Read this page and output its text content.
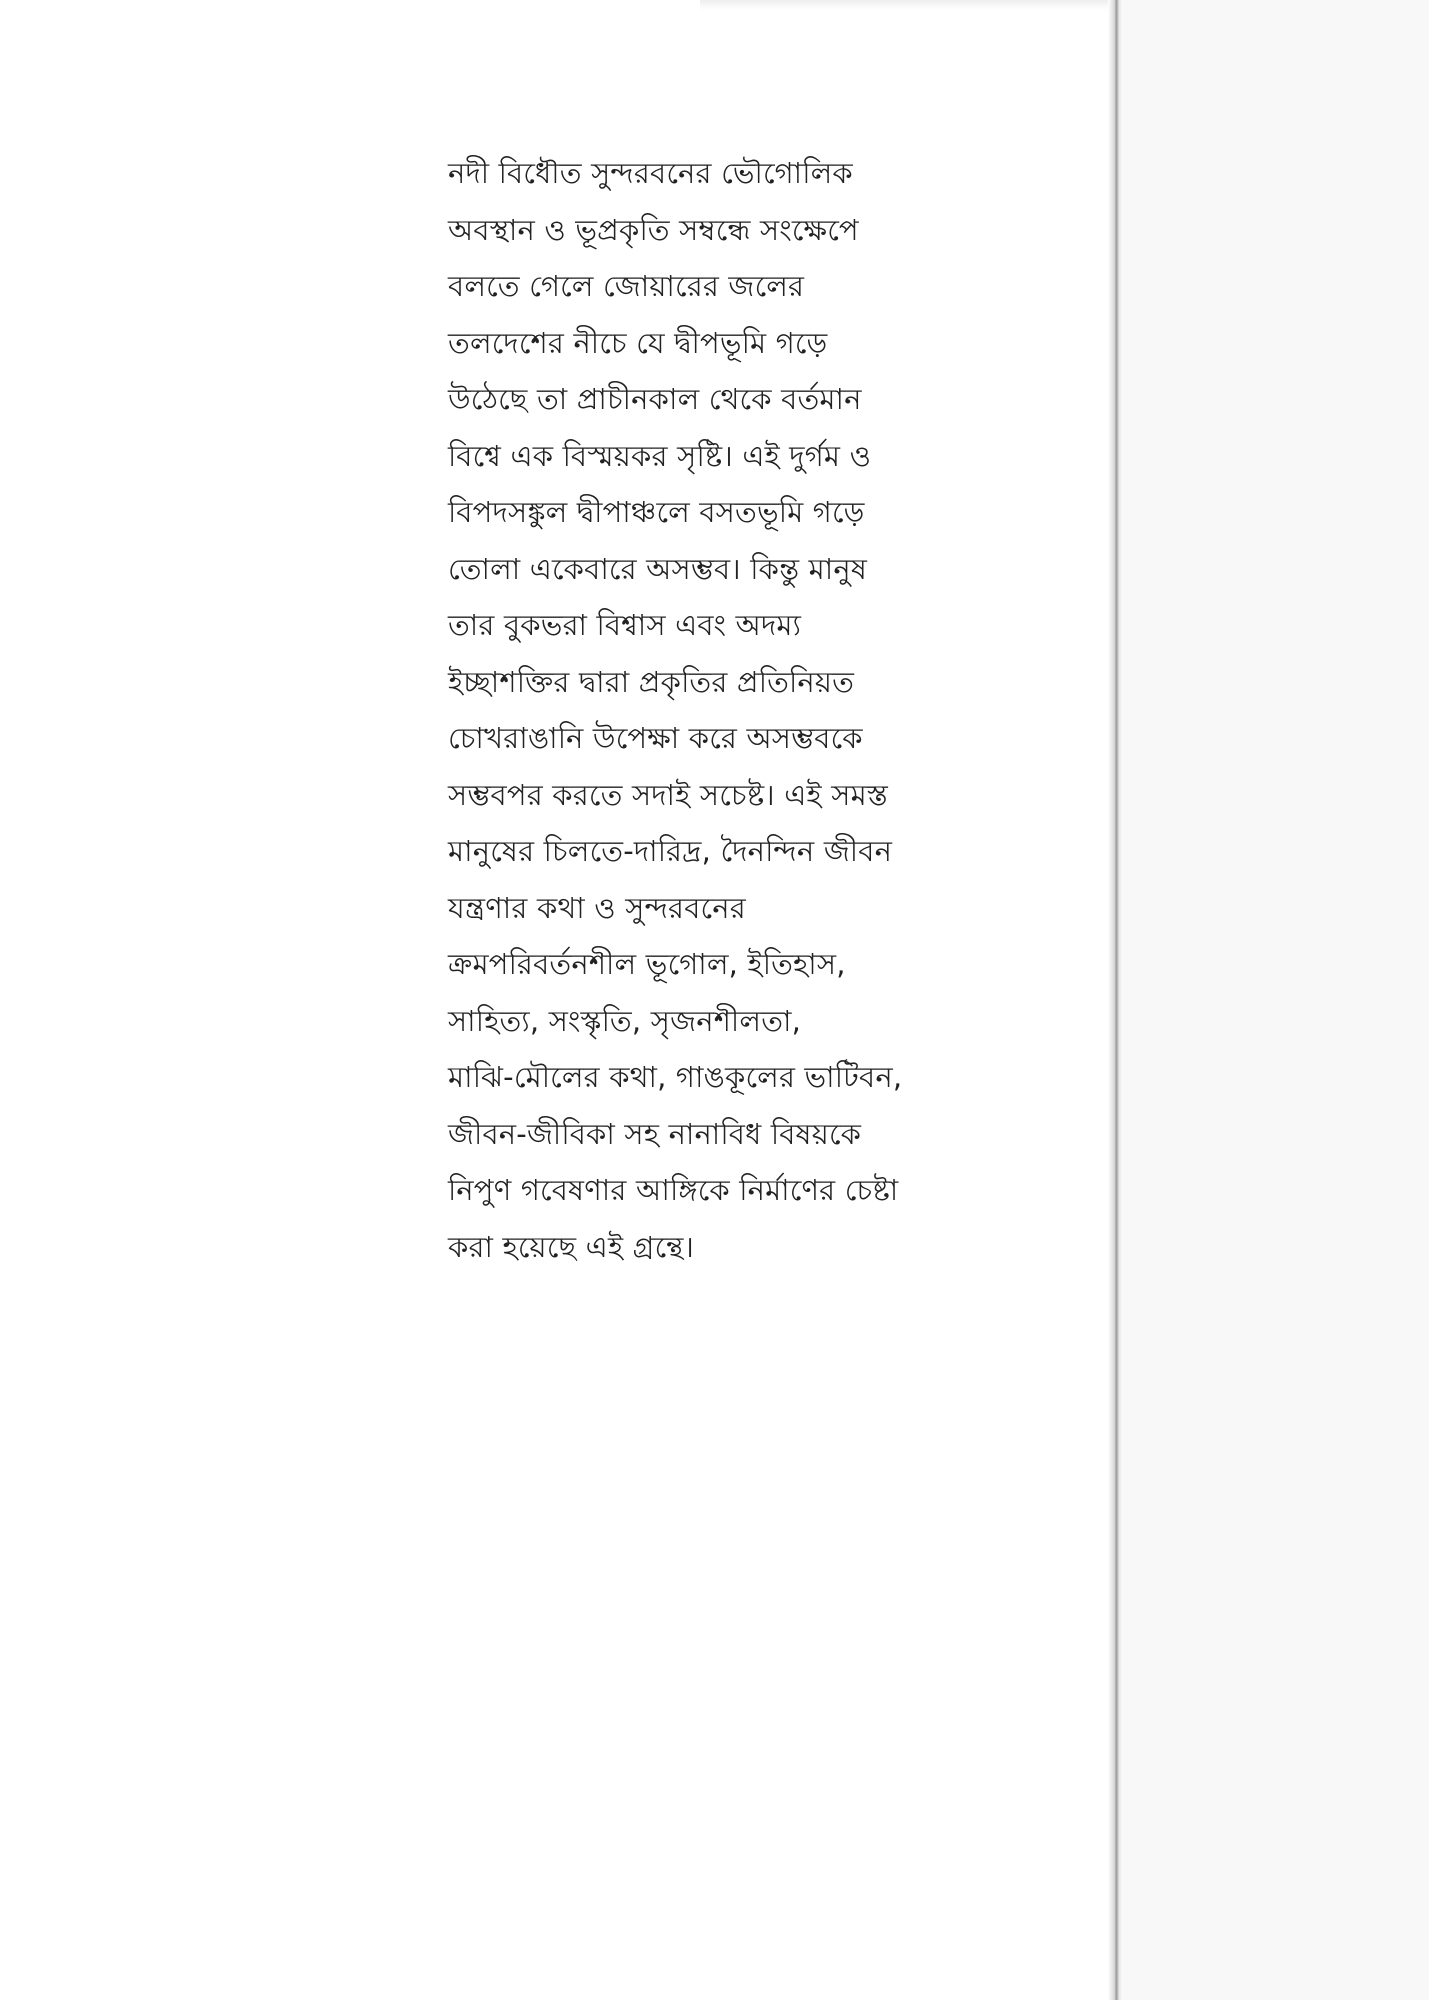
নদী বিধৌত সুন্দরবনের ভৌগোলিক
অবস্থান ও ভূপ্রকৃতি সম্বন্ধে সংক্ষেপে
বলতে গেলে জোয়ারের জলের
তলদেশের নীচে যে দ্বীপভূমি গড়ে
উঠেছে তা প্রাচীনকাল থেকে বর্তমান
বিশ্বে এক বিস্ময়কর সৃষ্টি। এই দুর্গম ও
বিপদসঙ্কুল দ্বীপাঞ্চলে বসতভূমি গড়ে
তোলা একেবারে অসম্ভব। কিন্তু মানুষ
তার বুকভরা বিশ্বাস এবং অদম্য
ইচ্ছাশক্তির দ্বারা প্রকৃতির প্রতিনিয়ত
চোখরাঙানি উপেক্ষা করে অসম্ভবকে
সম্ভবপর করতে সদাই সচেষ্ট। এই সমস্ত
মানুষের চিলতে-দারিদ্র, দৈনন্দিন জীবন
যন্ত্রণার কথা ও সুন্দরবনের
ক্রমপরিবর্তনশীল ভূগোল, ইতিহাস,
সাহিত্য, সংস্কৃতি, সৃজনশীলতা,
মাঝি-মৌলের কথা, গাঙকূলের ভাটিবন,
জীবন-জীবিকা সহ নানাবিধ বিষয়কে
নিপুণ গবেষণার আঙ্গিকে নির্মাণের চেষ্টা
করা হয়েছে এই গ্রন্থে।
